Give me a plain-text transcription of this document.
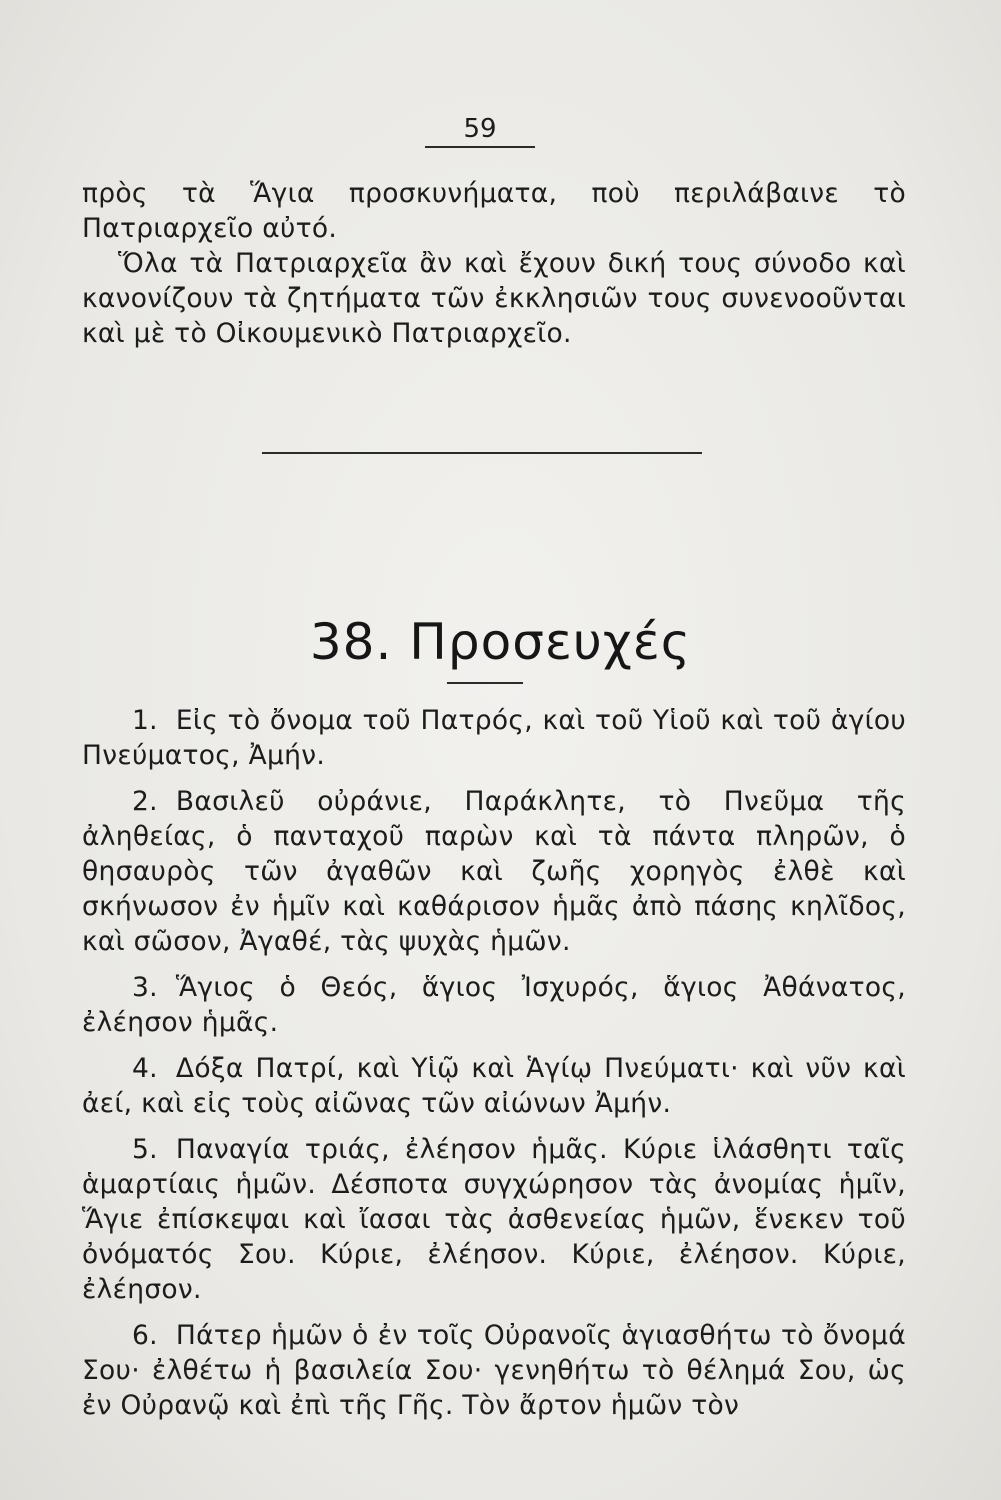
59

πρὸς τὰ Ἅγια προσκυνήματα, ποὺ περιλάβαινε τὸ Πατριαρχεῖο αὐτό.

Ὅλα τὰ Πατριαρχεῖα ἂν καὶ ἔχουν δική τους σύνοδο καὶ κανονίζουν τὰ ζητήματα τῶν ἐκκλησιῶν τους συνενοοῦνται καὶ μὲ τὸ Οἰκουμενικὸ Πατριαρχεῖο.

38. Προσευχές

1. Εἰς τὸ ὄνομα τοῦ Πατρός, καὶ τοῦ Υἱοῦ καὶ τοῦ ἁγίου Πνεύματος, Ἀμήν.

2. Βασιλεῦ οὐράνιε, Παράκλητε, τὸ Πνεῦμα τῆς ἀληθείας, ὁ πανταχοῦ παρὼν καὶ τὰ πάντα πληρῶν, ὁ θησαυρὸς τῶν ἀγαθῶν καὶ ζωῆς χορηγὸς ἐλθὲ καὶ σκήνωσον ἐν ἡμῖν καὶ καθάρισον ἡμᾶς ἀπὸ πάσης κηλῖδος, καὶ σῶσον, Ἀγαθέ, τὰς ψυχὰς ἡμῶν.

3. Ἅγιος ὁ Θεός, ἅγιος Ἰσχυρός, ἅγιος Ἀθάνατος, ἐλέησον ἡμᾶς.

4. Δόξα Πατρί, καὶ Υἱῷ καὶ Ἁγίῳ Πνεύματι· καὶ νῦν καὶ ἀεί, καὶ εἰς τοὺς αἰῶνας τῶν αἰώνων Ἀμήν.

5. Παναγία τριάς, ἐλέησον ἡμᾶς. Κύριε ἱλάσθητι ταῖς ἁμαρτίαις ἡμῶν. Δέσποτα συγχώρησον τὰς ἀνομίας ἡμῖν, Ἅγιε ἐπίσκεψαι καὶ ἴασαι τὰς ἀσθενείας ἡμῶν, ἕνεκεν τοῦ ὀνόματός Σου. Κύριε, ἐλέησον. Κύριε, ἐλέησον. Κύριε, ἐλέησον.

6. Πάτερ ἡμῶν ὁ ἐν τοῖς Οὐρανοῖς ἁγιασθήτω τὸ ὄνομά Σου· ἐλθέτω ἡ βασιλεία Σου· γενηθήτω τὸ θέλημά Σου, ὡς ἐν Οὐρανῷ καὶ ἐπὶ τῆς Γῆς. Τὸν ἄρτον ἡμῶν τὸν
